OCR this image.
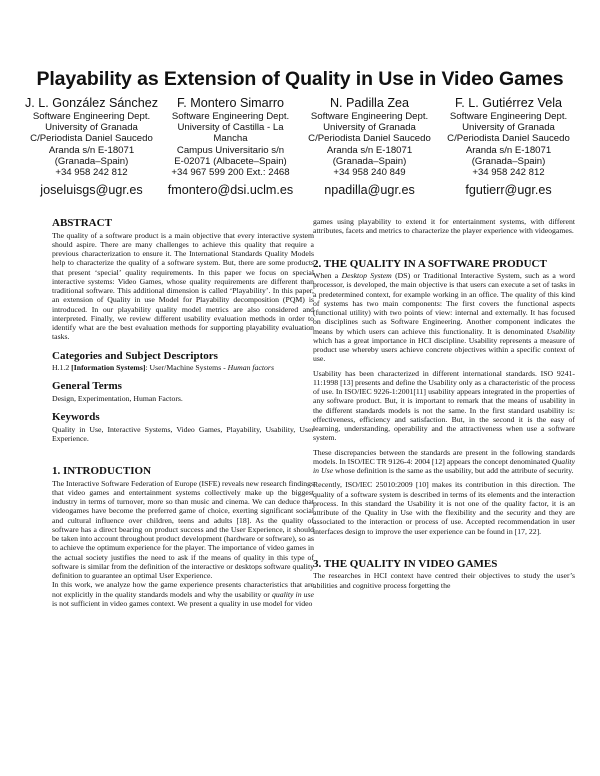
Playability as Extension of Quality in Use in Video Games
J. L. González Sánchez
Software Engineering Dept.
University of Granada
C/Periodista Daniel Saucedo
Aranda s/n E-18071
(Granada–Spain)
+34 958 242 812
joseluisgs@ugr.es
F. Montero Simarro
Software Engineering Dept.
University of Castilla - La
Mancha
Campus Universitario s/n
E-02071 (Albacete–Spain)
+34 967 599 200 Ext.: 2468
fmontero@dsi.uclm.es
N. Padilla Zea
Software Engineering Dept.
University of Granada
C/Periodista Daniel Saucedo
Aranda s/n E-18071
(Granada–Spain)
+34 958 240 849
npadilla@ugr.es
F. L. Gutiérrez Vela
Software Engineering Dept.
University of Granada
C/Periodista Daniel Saucedo
Aranda s/n E-18071
(Granada–Spain)
+34 958 242 812
fgutierr@ugr.es
ABSTRACT

The quality of a software product is a main objective that every interactive system should aspire. There are many challenges to achieve this quality that require a previous characterization to ensure it. The International Standards Quality Models help to characterize the quality of a software system. But, there are some products that present ‘special’ quality requirements. In this paper we focus on special interactive systems: Video Games, whose quality requirements are different than traditional software. This additional dimension is called ‘Playability’. In this paper, an extension of Quality in use Model for Playability decomposition (PQM) is introduced. In our playability quality model metrics are also considered and interpreted. Finally, we review different usability evaluation methods in order to identify what are the best evaluation methods for supporting playability evaluation tasks.

Categories and Subject Descriptors

H.1.2 [Information Systems]: User/Machine Systems - Human factors

General Terms

Design, Experimentation, Human Factors.

Keywords

Quality in Use, Interactive Systems, Video Games, Playability, Usability, User Experience.

1. INTRODUCTION

The Interactive Software Federation of Europe (ISFE) reveals new research findings that video games and entertainment systems collectively make up the biggest industry in terms of turnover, more so than music and cinema. We can deduce that videogames have become the preferred game of choice, exerting significant social and cultural influence over children, teens and adults [18]. As the quality of software has a direct bearing on product success and the User Experience, it should be taken into account throughout product development (hardware or software), so as to achieve the optimum experience for the player. The importance of video games in the actual society justifies the need to ask if the means of quality in this type of software is similar from the definition of the interactive or desktops software quality definition to guarantee an optimal User Experience.

In this work, we analyze how the game experience presents characteristics that are not explicitly in the quality standards models and why the usability or quality in use is not sufficient in video games context. We present a quality in use model for video

games using playability to extend it for entertainment systems, with different attributes, facets and metrics to characterize the player experience with videogames.

2. THE QUALITY IN A SOFTWARE PRODUCT

When a Desktop System (DS) or Traditional Interactive System, such as a word processor, is developed, the main objective is that users can execute a set of tasks in a predetermined context, for example working in an office. The quality of this kind of systems has two main components: The first covers the functional aspects (functional utility) with two points of view: internal and externally. It has focused on disciplines such as Software Engineering. Another component indicates the means by which users can achieve this functionality. It is denominated Usability which has a great importance in HCI discipline. Usability represents a measure of product use whereby users achieve concrete objectives within a specific context of use.

Usability has been characterized in different international standards. ISO 9241-11:1998 [13] presents and define the Usability only as a characteristic of the process of use. In ISO/IEC 9226-1:2001[11] usability appears integrated in the properties of any software product. But, it is important to remark that the means of usability in the different standards models is not the same. In the first standard usability is: effectiveness, efficiency and satisfaction. But, in the second it is the easy of learning, understanding, operability and the attractiveness when use a software system.

These discrepancies between the standards are present in the following standards models. In ISO/IEC TR 9126-4: 2004 [12] appears the concept denominated Quality in Use whose definition is the same as the usability, but add the attribute of security.

Recently, ISO/IEC 25010:2009 [10] makes its contribution in this direction. The quality of a software system is described in terms of its elements and the interaction process. In this standard the Usability it is not one of the quality factor, it is an attribute of the Quality in Use with the flexibility and the security and they are associated to the interaction or process of use. Accepted recommendation in user interfaces design to improve the user experience can be found in [17, 22].

3. THE QUALITY IN VIDEO GAMES

The researches in HCI context have centred their objectives to study the user’s abilities and cognitive process forgetting the
